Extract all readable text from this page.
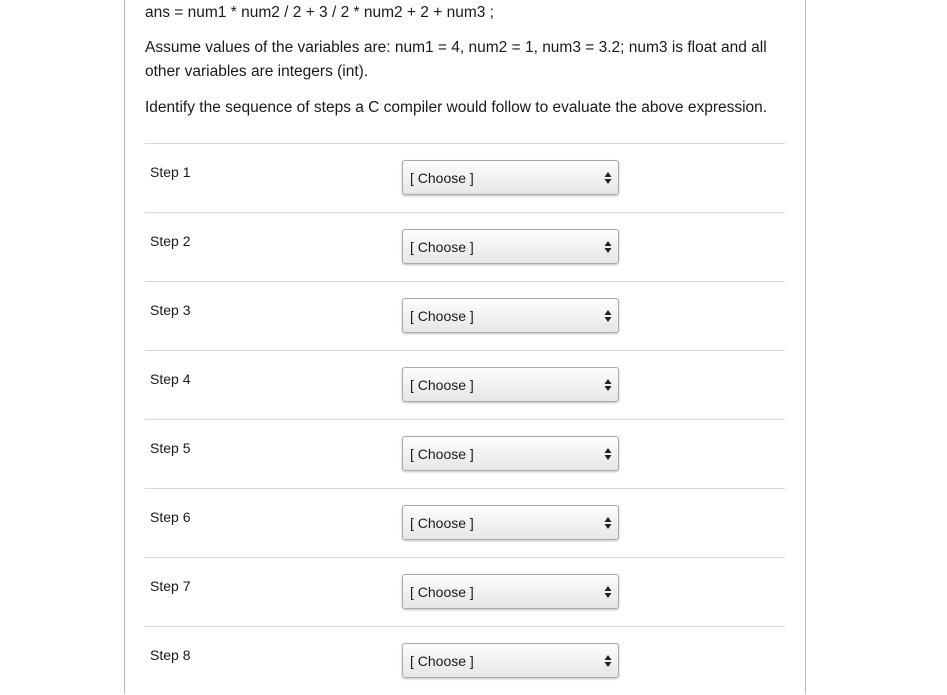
ans = num1 * num2 / 2 + 3 / 2 * num2 + 2 + num3 ;

Assume values of the variables are: num1 = 4, num2 = 1, num3 = 3.2; num3 is float and all other variables are integers (int).

Identify the sequence of steps a C compiler would follow to evaluate the above expression.

Step 1	[ Choose ]
Step 2	[ Choose ]
Step 3	[ Choose ]
Step 4	[ Choose ]
Step 5	[ Choose ]
Step 6	[ Choose ]
Step 7	[ Choose ]
Step 8	[ Choose ]
